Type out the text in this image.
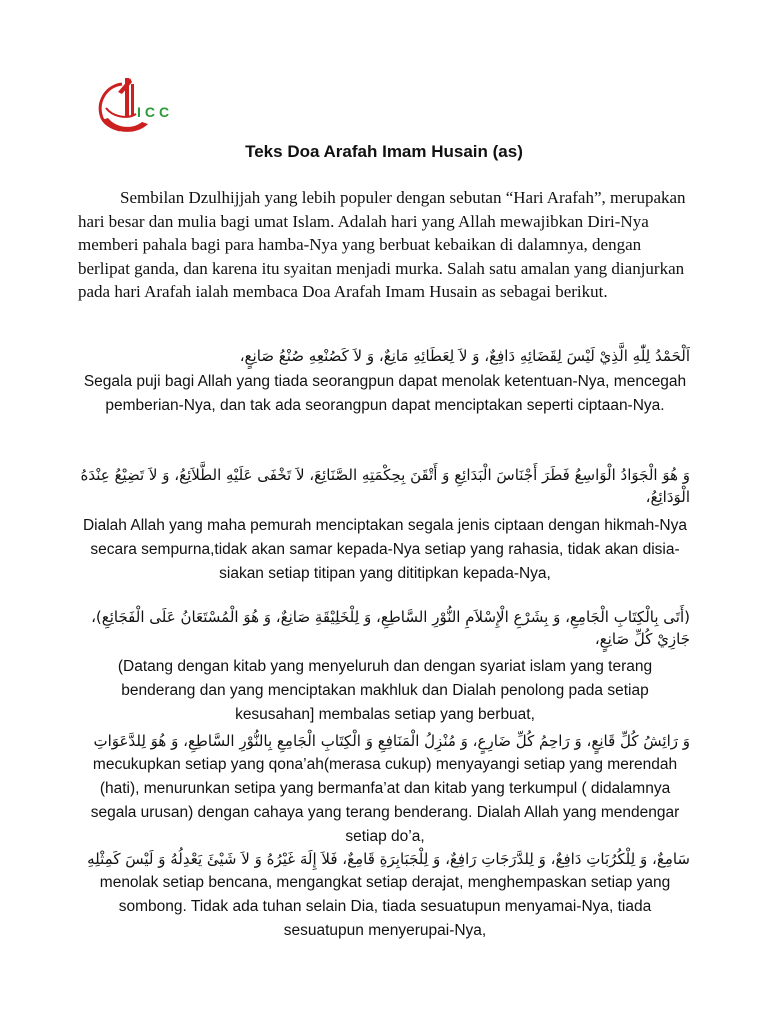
ICC
Teks Doa Arafah Imam Husain (as)
Sembilan Dzulhijjah yang lebih populer dengan sebutan “Hari Arafah”, merupakan hari besar dan mulia bagi umat Islam. Adalah hari yang Allah mewajibkan Diri-Nya memberi pahala bagi para hamba-Nya yang berbuat kebaikan di dalamnya, dengan berlipat ganda, dan karena itu syaitan menjadi murka. Salah satu amalan yang dianjurkan pada hari Arafah ialah membaca Doa Arafah Imam Husain as sebagai berikut.
اَلْحَمْدُ لِلّٰهِ الَّذِيْ لَيْسَ لِقَضَائِهِ دَافِعٌ، وَ لاَ لِعَطَائِهِ مَانِعٌ، وَ لاَ كَصُنْعِهِ صُنْعُ صَانِعٍ،
Segala puji bagi Allah yang tiada seorangpun dapat menolak ketentuan-Nya, mencegah pemberian-Nya, dan tak ada seorangpun dapat menciptakan seperti ciptaan-Nya.
وَ هُوَ الْجَوَادُ الْوَاسِعُ فَطَرَ أَجْنَاسَ الْبَدَائِعِ وَ أَتْقَنَ بِحِكْمَتِهِ الصَّنَائِعَ، لاَ تَخْفَى عَلَيْهِ الطَّلاَئِعُ، وَ لاَ تَضِيْعُ عِنْدَهُ الْوَدَائِعُ،
Dialah Allah yang maha pemurah menciptakan segala jenis ciptaan dengan hikmah-Nya secara sempurna,tidak akan samar kepada-Nya setiap yang rahasia, tidak akan disia-siakan setiap titipan yang dititipkan kepada-Nya,
(أَتَى بِالْكِتَابِ الْجَامِعِ، وَ بِشَرْعِ الْإِسْلاَمِ النُّوْرِ السَّاطِعِ، وَ لِلْخَلِيْقَةِ صَانِعٌ، وَ هُوَ الْمُسْتَعَانُ عَلَى الْفَجَائِعِ)، جَازِيْ كُلِّ صَانِعٍ،
(Datang dengan kitab yang menyeluruh dan dengan syariat islam yang terang benderang dan yang menciptakan makhluk dan Dialah penolong pada setiap kesusahan] membalas setiap yang berbuat,
وَ رَائِشُ كُلِّ قَانِعٍ، وَ رَاحِمُ كُلِّ ضَارِعٍ، وَ مُنْزِلُ الْمَنَافِعِ وَ الْكِتَابِ الْجَامِعِ بِالنُّوْرِ السَّاطِعِ، وَ هُوَ لِلدَّعَوَاتِ
mecukupkan setiap yang qona’ah(merasa cukup) menyayangi setiap yang merendah (hati), menurunkan setipa yang bermanfa’at dan kitab yang terkumpul ( didalamnya segala urusan) dengan cahaya yang terang benderang. Dialah Allah yang mendengar setiap do’a,
سَامِعٌ، وَ لِلْكُرُبَاتِ دَافِعٌ، وَ لِلدَّرَجَاتِ رَافِعٌ، وَ لِلْجَبَابِرَةِ قَامِعٌ، فَلاَ إِلَهَ غَيْرُهُ وَ لاَ شَيْئَ يَعْدِلُهُ وَ لَيْسَ كَمِثْلِهِ
menolak setiap bencana, mengangkat setiap derajat, menghempaskan setiap yang sombong. Tidak ada tuhan selain Dia, tiada sesuatupun menyamai-Nya, tiada sesuatupun menyerupai-Nya,
